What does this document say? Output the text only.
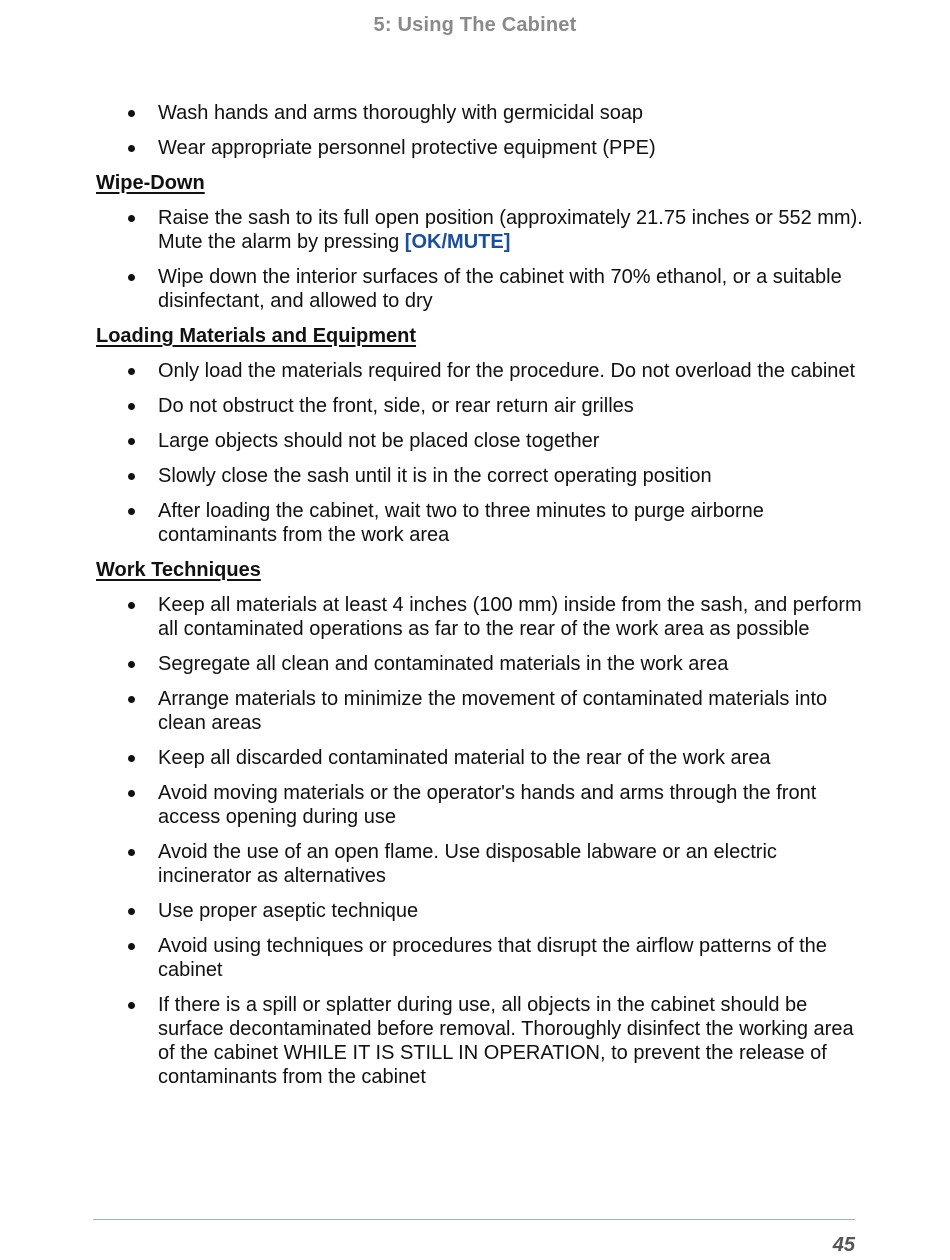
5: Using The Cabinet
Wash hands and arms thoroughly with germicidal soap
Wear appropriate personnel protective equipment (PPE)
Wipe-Down
Raise the sash to its full open position (approximately 21.75 inches or 552 mm). Mute the alarm by pressing [OK/MUTE]
Wipe down the interior surfaces of the cabinet with 70% ethanol, or a suitable disinfectant, and allowed to dry
Loading Materials and Equipment
Only load the materials required for the procedure. Do not overload the cabinet
Do not obstruct the front, side, or rear return air grilles
Large objects should not be placed close together
Slowly close the sash until it is in the correct operating position
After loading the cabinet, wait two to three minutes to purge airborne contaminants from the work area
Work Techniques
Keep all materials at least 4 inches (100 mm) inside from the sash, and perform all contaminated operations as far to the rear of the work area as possible
Segregate all clean and contaminated materials in the work area
Arrange materials to minimize the movement of contaminated materials into clean areas
Keep all discarded contaminated material to the rear of the work area
Avoid moving materials or the operator's hands and arms through the front access opening during use
Avoid the use of an open flame. Use disposable labware or an electric incinerator as alternatives
Use proper aseptic technique
Avoid using techniques or procedures that disrupt the airflow patterns of the cabinet
If there is a spill or splatter during use, all objects in the cabinet should be surface decontaminated before removal. Thoroughly disinfect the working area of the cabinet WHILE IT IS STILL IN OPERATION, to prevent the release of contaminants from the cabinet
45
